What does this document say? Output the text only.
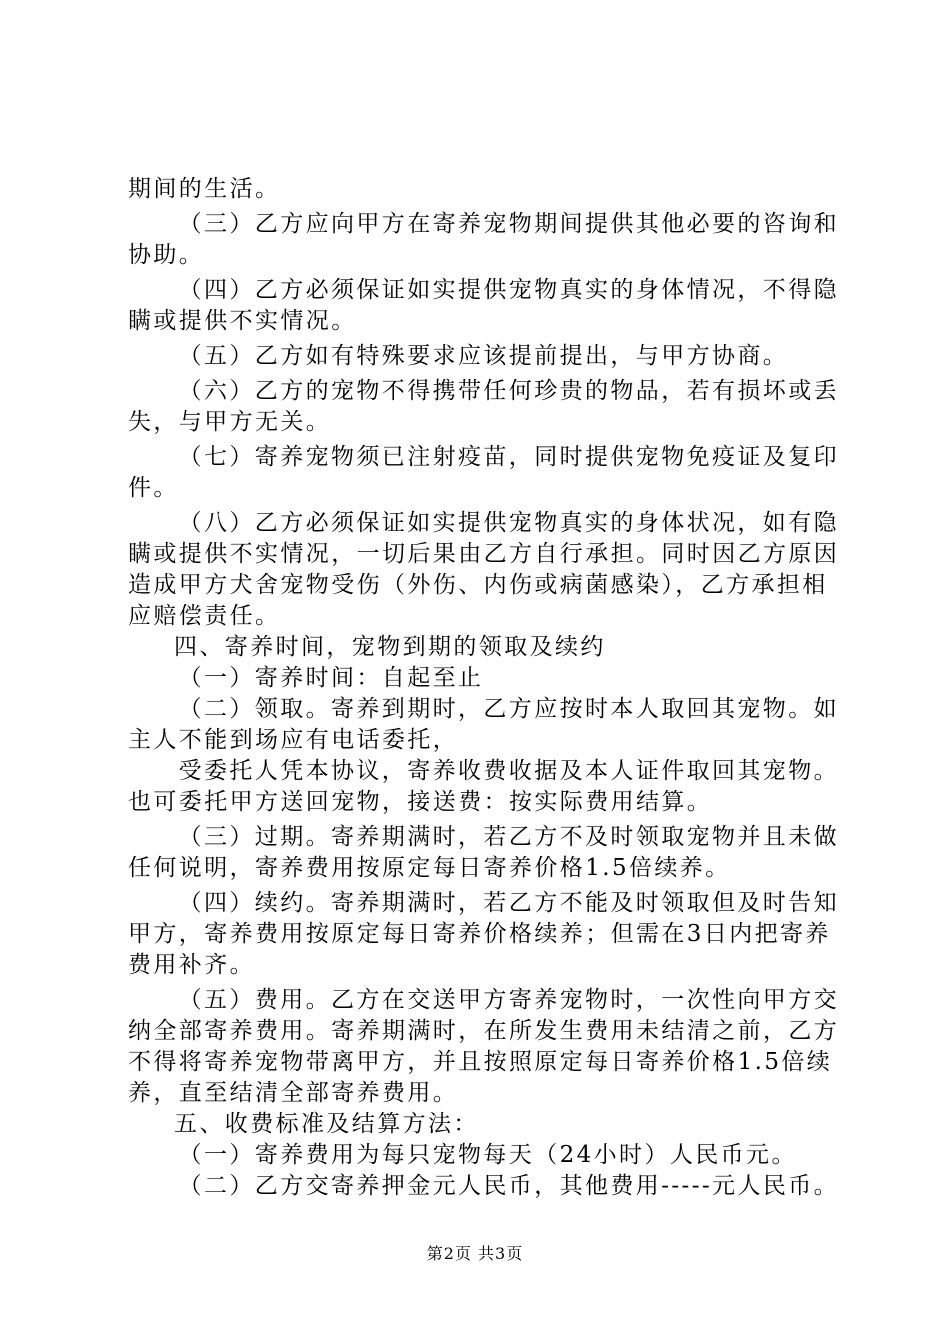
期间的生活。

（三）乙方应向甲方在寄养宠物期间提供其他必要的咨询和协助。

（四）乙方必须保证如实提供宠物真实的身体情况，不得隐瞒或提供不实情况。

（五）乙方如有特殊要求应该提前提出，与甲方协商。

（六）乙方的宠物不得携带任何珍贵的物品，若有损坏或丢失，与甲方无关。

（七）寄养宠物须已注射疫苗，同时提供宠物免疫证及复印件。

（八）乙方必须保证如实提供宠物真实的身体状况，如有隐瞒或提供不实情况，一切后果由乙方自行承担。同时因乙方原因造成甲方犬舍宠物受伤（外伤、内伤或病菌感染），乙方承担相应赔偿责任。

四、寄养时间，宠物到期的领取及续约

（一）寄养时间：自起至止

（二）领取。寄养到期时，乙方应按时本人取回其宠物。如主人不能到场应有电话委托，

受委托人凭本协议，寄养收费收据及本人证件取回其宠物。也可委托甲方送回宠物，接送费：按实际费用结算。

（三）过期。寄养期满时，若乙方不及时领取宠物并且未做任何说明，寄养费用按原定每日寄养价格1.5倍续养。

（四）续约。寄养期满时，若乙方不能及时领取但及时告知甲方，寄养费用按原定每日寄养价格续养；但需在3日内把寄养费用补齐。

（五）费用。乙方在交送甲方寄养宠物时，一次性向甲方交纳全部寄养费用。寄养期满时，在所发生费用未结清之前，乙方不得将寄养宠物带离甲方，并且按照原定每日寄养价格1.5倍续养，直至结清全部寄养费用。

五、收费标准及结算方法：

（一）寄养费用为每只宠物每天（24小时）人民币元。

（二）乙方交寄养押金元人民币，其他费用-----元人民币。

第2页 共3页
